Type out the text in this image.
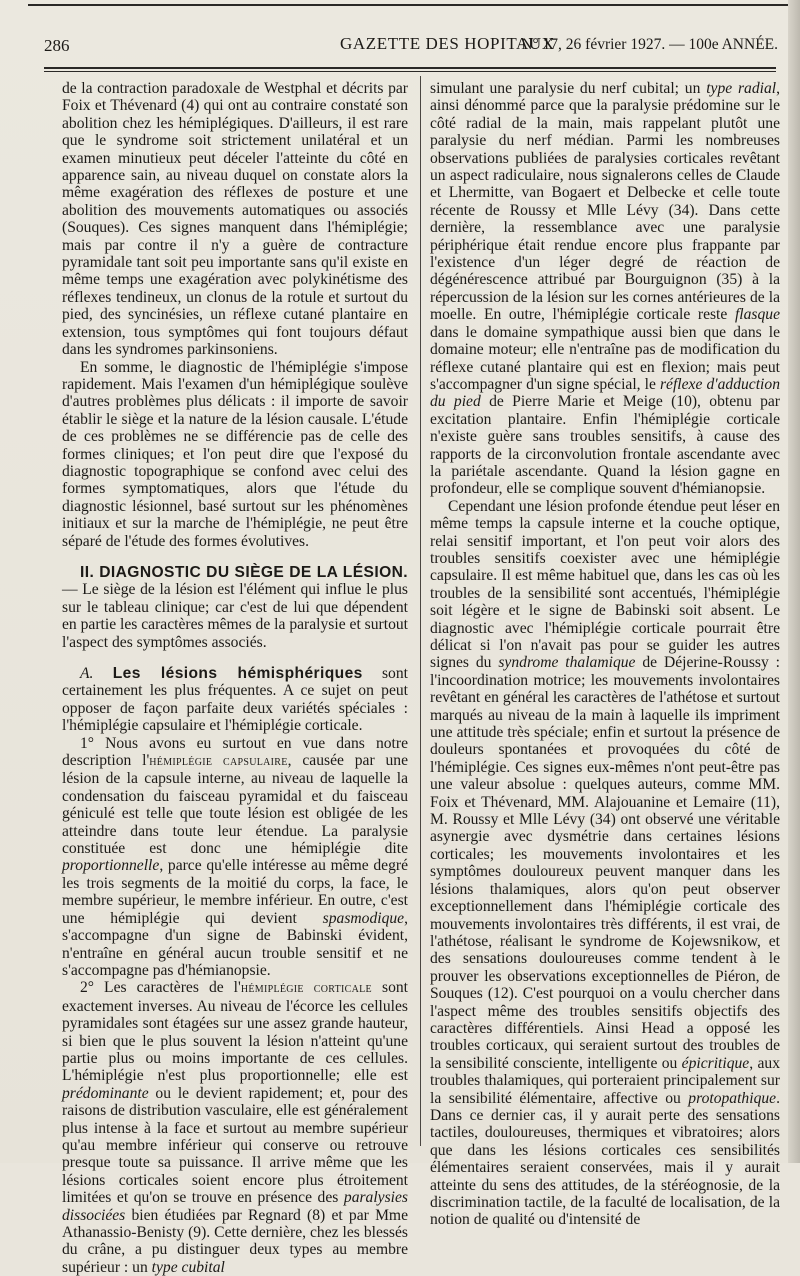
286	GAZETTE DES HOPITAUX
N° 17, 26 février 1927. — 100e ANNÉE.

de la contraction paradoxale de Westphal et décrits par Foix et Thévenard (4) qui ont au contraire constaté son abolition chez les hémiplégiques. D'ailleurs, il est rare que le syndrome soit strictement unilatéral et un examen minutieux peut déceler l'atteinte du côté en apparence sain, au niveau duquel on constate alors la même exagération des réflexes de posture et une abolition des mouvements automatiques ou associés (Souques). Ces signes manquent dans l'hémiplégie; mais par contre il n'y a guère de contracture pyramidale tant soit peu importante sans qu'il existe en même temps une exagération avec polykinétisme des réflexes tendineux, un clonus de la rotule et surtout du pied, des syncinésies, un réflexe cutané plantaire en extension, tous symptômes qui font toujours défaut dans les syndromes parkinsoniens.

En somme, le diagnostic de l'hémiplégie s'impose rapidement. Mais l'examen d'un hémiplégique soulève d'autres problèmes plus délicats : il importe de savoir établir le siège et la nature de la lésion causale. L'étude de ces problèmes ne se différencie pas de celle des formes cliniques; et l'on peut dire que l'exposé du diagnostic topographique se confond avec celui des formes symptomatiques, alors que l'étude du diagnostic lésionnel, basé surtout sur les phénomènes initiaux et sur la marche de l'hémiplégie, ne peut être séparé de l'étude des formes évolutives.

II. DIAGNOSTIC DU SIÈGE DE LA LÉSION. — Le siège de la lésion est l'élément qui influe le plus sur le tableau clinique; car c'est de lui que dépendent en partie les caractères mêmes de la paralysie et surtout l'aspect des symptômes associés.

A. Les lésions hémisphériques sont certainement les plus fréquentes. A ce sujet on peut opposer de façon parfaite deux variétés spéciales : l'hémiplégie capsulaire et l'hémiplégie corticale.

1° Nous avons eu surtout en vue dans notre description l'hémiplégie capsulaire, causée par une lésion de la capsule interne, au niveau de laquelle la condensation du faisceau pyramidal et du faisceau géniculé est telle que toute lésion est obligée de les atteindre dans toute leur étendue. La paralysie constituée est donc une hémiplégie dite proportionnelle, parce qu'elle intéresse au même degré les trois segments de la moitié du corps, la face, le membre supérieur, le membre inférieur. En outre, c'est une hémiplégie qui devient spasmodique, s'accompagne d'un signe de Babinski évident, n'entraîne en général aucun trouble sensitif et ne s'accompagne pas d'hémianopsie.

2° Les caractères de l'hémiplégie corticale sont exactement inverses. Au niveau de l'écorce les cellules pyramidales sont étagées sur une assez grande hauteur, si bien que le plus souvent la lésion n'atteint qu'une partie plus ou moins importante de ces cellules. L'hémiplégie n'est plus proportionnelle; elle est prédominante ou le devient rapidement; et, pour des raisons de distribution vasculaire, elle est généralement plus intense à la face et surtout au membre supérieur qu'au membre inférieur qui conserve ou retrouve presque toute sa puissance. Il arrive même que les lésions corticales soient encore plus étroitement limitées et qu'on se trouve en présence des paralysies dissociées bien étudiées par Regnard (8) et par Mme Athanassio-Benisty (9). Cette dernière, chez les blessés du crâne, a pu distinguer deux types au membre supérieur : un type cubital

simulant une paralysie du nerf cubital; un type radial, ainsi dénommé parce que la paralysie prédomine sur le côté radial de la main, mais rappelant plutôt une paralysie du nerf médian. Parmi les nombreuses observations publiées de paralysies corticales revêtant un aspect radiculaire, nous signalerons celles de Claude et Lhermitte, van Bogaert et Delbecke et celle toute récente de Roussy et Mlle Lévy (34). Dans cette dernière, la ressemblance avec une paralysie périphérique était rendue encore plus frappante par l'existence d'un léger degré de réaction de dégénérescence attribué par Bourguignon (35) à la répercussion de la lésion sur les cornes antérieures de la moelle. En outre, l'hémiplégie corticale reste flasque dans le domaine sympathique aussi bien que dans le domaine moteur; elle n'entraîne pas de modification du réflexe cutané plantaire qui est en flexion; mais peut s'accompagner d'un signe spécial, le réflexe d'adduction du pied de Pierre Marie et Meige (10), obtenu par excitation plantaire. Enfin l'hémiplégie corticale n'existe guère sans troubles sensitifs, à cause des rapports de la circonvolution frontale ascendante avec la pariétale ascendante. Quand la lésion gagne en profondeur, elle se complique souvent d'hémianopsie.

Cependant une lésion profonde étendue peut léser en même temps la capsule interne et la couche optique, relai sensitif important, et l'on peut voir alors des troubles sensitifs coexister avec une hémiplégie capsulaire. Il est même habituel que, dans les cas où les troubles de la sensibilité sont accentués, l'hémiplégie soit légère et le signe de Babinski soit absent. Le diagnostic avec l'hémiplégie corticale pourrait être délicat si l'on n'avait pas pour se guider les autres signes du syndrome thalamique de Déjerine-Roussy : l'incoordination motrice; les mouvements involontaires revêtant en général les caractères de l'athétose et surtout marqués au niveau de la main à laquelle ils impriment une attitude très spéciale; enfin et surtout la présence de douleurs spontanées et provoquées du côté de l'hémiplégie. Ces signes eux-mêmes n'ont peut-être pas une valeur absolue : quelques auteurs, comme MM. Foix et Thévenard, MM. Alajouanine et Lemaire (11), M. Roussy et Mlle Lévy (34) ont observé une véritable asynergie avec dysmétrie dans certaines lésions corticales; les mouvements involontaires et les symptômes douloureux peuvent manquer dans les lésions thalamiques, alors qu'on peut observer exceptionnellement dans l'hémiplégie corticale des mouvements involontaires très différents, il est vrai, de l'athétose, réalisant le syndrome de Kojewsnikow, et des sensations douloureuses comme tendent à le prouver les observations exceptionnelles de Piéron, de Souques (12). C'est pourquoi on a voulu chercher dans l'aspect même des troubles sensitifs objectifs des caractères différentiels. Ainsi Head a opposé les troubles corticaux, qui seraient surtout des troubles de la sensibilité consciente, intelligente ou épicritique, aux troubles thalamiques, qui porteraient principalement sur la sensibilité élémentaire, affective ou protopathique. Dans ce dernier cas, il y aurait perte des sensations tactiles, douloureuses, thermiques et vibratoires; alors que dans les lésions corticales ces sensibilités élémentaires seraient conservées, mais il y aurait atteinte du sens des attitudes, de la stéréognosie, de la discrimination tactile, de la faculté de localisation, de la notion de qualité ou d'intensité de
